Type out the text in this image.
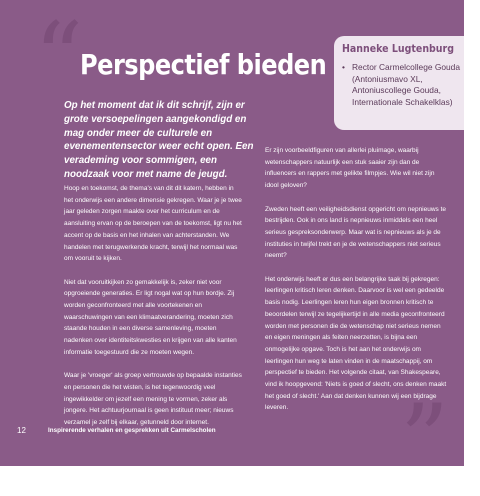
“
”
Perspectief bieden
Op het moment dat ik dit schrijf, zijn er grote versoepelingen aangekondigd en mag onder meer de culturele en evenementensector weer echt open. Een verademing voor sommigen, een noodzaak voor met name de jeugd.
Hanneke Lugtenburg
• Rector Carmelcollege Gouda (Antoniusmavo XL, Antoniuscollege Gouda, Internationale Schakelklas)

Hoop en toekomst, de thema's van dit dit katern, hebben in het onderwijs een andere dimensie gekregen. Waar je je twee jaar geleden zorgen maakte over het curriculum en de aansluiting ervan op de beroepen van de toekomst, ligt nu het accent op de basis en het inhalen van achterstanden. We handelen met terugwerkende kracht, terwijl het normaal was om vooruit te kijken.

Niet dat vooruitkijken zo gemakkelijk is, zeker niet voor opgroeiende generaties. Er ligt nogal wat op hun bordje. Zij worden geconfronteerd met alle voortekenen en waarschuwingen van een klimaatverandering, moeten zich staande houden in een diverse samenleving, moeten nadenken over identiteitskwesties en krijgen van alle kanten informatie toegestuurd die ze moeten wegen.

Waar je 'vroeger' als groep vertrouwde op bepaalde instanties en personen die het wisten, is het tegenwoordig veel ingewikkelder om jezelf een mening te vormen, zeker als jongere. Het achtuurjournaal is geen instituut meer; nieuws verzamel je zelf bij elkaar, getunneld door internet.

Er zijn voorbeeldfiguren van allerlei pluimage, waarbij wetenschappers natuurlijk een stuk saaier zijn dan de influencers en rappers met gelikte filmpjes. Wie wil niet zijn idool geloven?

Zweden heeft een veiligheidsdienst opgericht om nepnieuws te bestrijden. Ook in ons land is nepnieuws inmiddels een heel serieus gespreksonderwerp. Maar wat is nepnieuws als je de instituties in twijfel trekt en je de wetenschappers niet serieus neemt?

Het onderwijs heeft er dus een belangrijke taak bij gekregen: leerlingen kritisch leren denken. Daarvoor is wel een gedeelde basis nodig. Leerlingen leren hun eigen bronnen kritisch te beoordelen terwijl ze tegelijkertijd in alle media geconfronteerd worden met personen die de wetenschap niet serieus nemen en eigen meningen als feiten neerzetten, is bijna een onmogelijke opgave. Toch is het aan het onderwijs om leerlingen hun weg te laten vinden in de maatschappij, om perspectief te bieden. Het volgende citaat, van Shakespeare, vind ik hoopgevend: 'Niets is goed of slecht, ons denken maakt het goed of slecht.' Aan dat denken kunnen wij een bijdrage leveren.

12	Inspirerende verhalen en gesprekken uit Carmelscholen
